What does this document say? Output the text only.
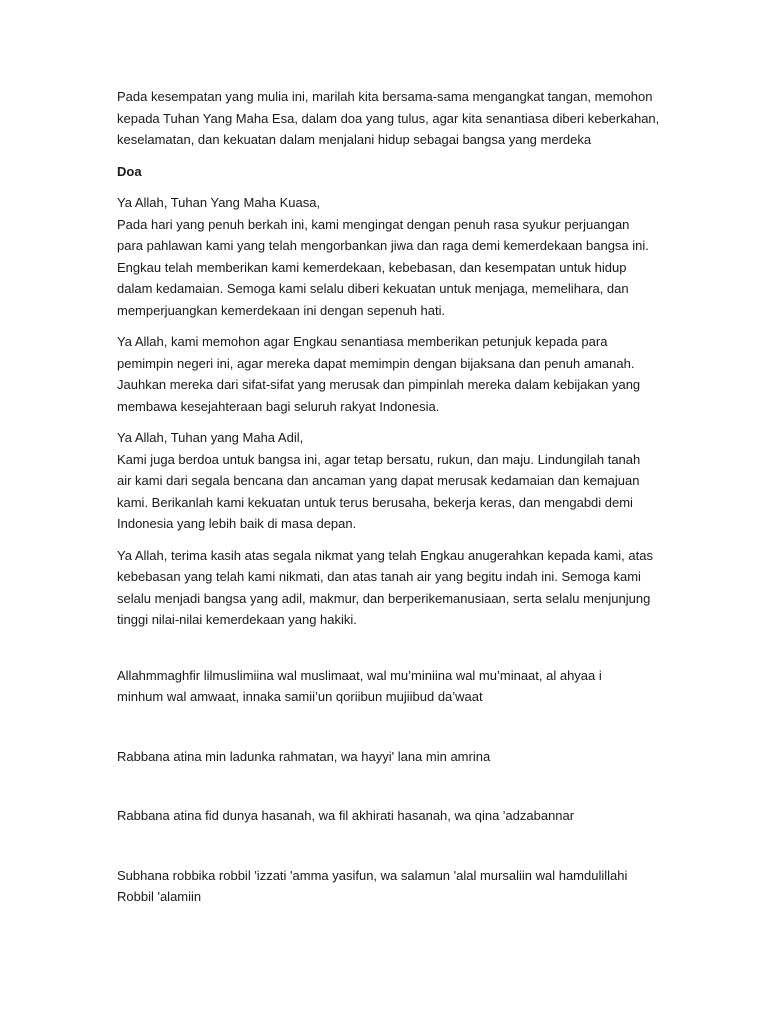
Pada kesempatan yang mulia ini, marilah kita bersama-sama mengangkat tangan, memohon
kepada Tuhan Yang Maha Esa, dalam doa yang tulus, agar kita senantiasa diberi keberkahan,
keselamatan, dan kekuatan dalam menjalani hidup sebagai bangsa yang merdeka

Doa

Ya Allah, Tuhan Yang Maha Kuasa,
Pada hari yang penuh berkah ini, kami mengingat dengan penuh rasa syukur perjuangan
para pahlawan kami yang telah mengorbankan jiwa dan raga demi kemerdekaan bangsa ini.
Engkau telah memberikan kami kemerdekaan, kebebasan, dan kesempatan untuk hidup
dalam kedamaian. Semoga kami selalu diberi kekuatan untuk menjaga, memelihara, dan
memperjuangkan kemerdekaan ini dengan sepenuh hati.

Ya Allah, kami memohon agar Engkau senantiasa memberikan petunjuk kepada para
pemimpin negeri ini, agar mereka dapat memimpin dengan bijaksana dan penuh amanah.
Jauhkan mereka dari sifat-sifat yang merusak dan pimpinlah mereka dalam kebijakan yang
membawa kesejahteraan bagi seluruh rakyat Indonesia.

Ya Allah, Tuhan yang Maha Adil,
Kami juga berdoa untuk bangsa ini, agar tetap bersatu, rukun, dan maju. Lindungilah tanah
air kami dari segala bencana dan ancaman yang dapat merusak kedamaian dan kemajuan
kami. Berikanlah kami kekuatan untuk terus berusaha, bekerja keras, dan mengabdi demi
Indonesia yang lebih baik di masa depan.

Ya Allah, terima kasih atas segala nikmat yang telah Engkau anugerahkan kepada kami, atas
kebebasan yang telah kami nikmati, dan atas tanah air yang begitu indah ini. Semoga kami
selalu menjadi bangsa yang adil, makmur, dan berperikemanusiaan, serta selalu menjunjung
tinggi nilai-nilai kemerdekaan yang hakiki.

Allahmmaghfir lilmuslimiina wal muslimaat, wal mu’miniina wal mu’minaat, al ahyaa i
minhum wal amwaat, innaka samii’un qoriibun mujiibud da’waat

Rabbana atina min ladunka rahmatan, wa hayyi' lana min amrina

Rabbana atina fid dunya hasanah, wa fil akhirati hasanah, wa qina 'adzabannar

Subhana robbika robbil 'izzati 'amma yasifun, wa salamun 'alal mursaliin wal hamdulillahi
Robbil 'alamiin
